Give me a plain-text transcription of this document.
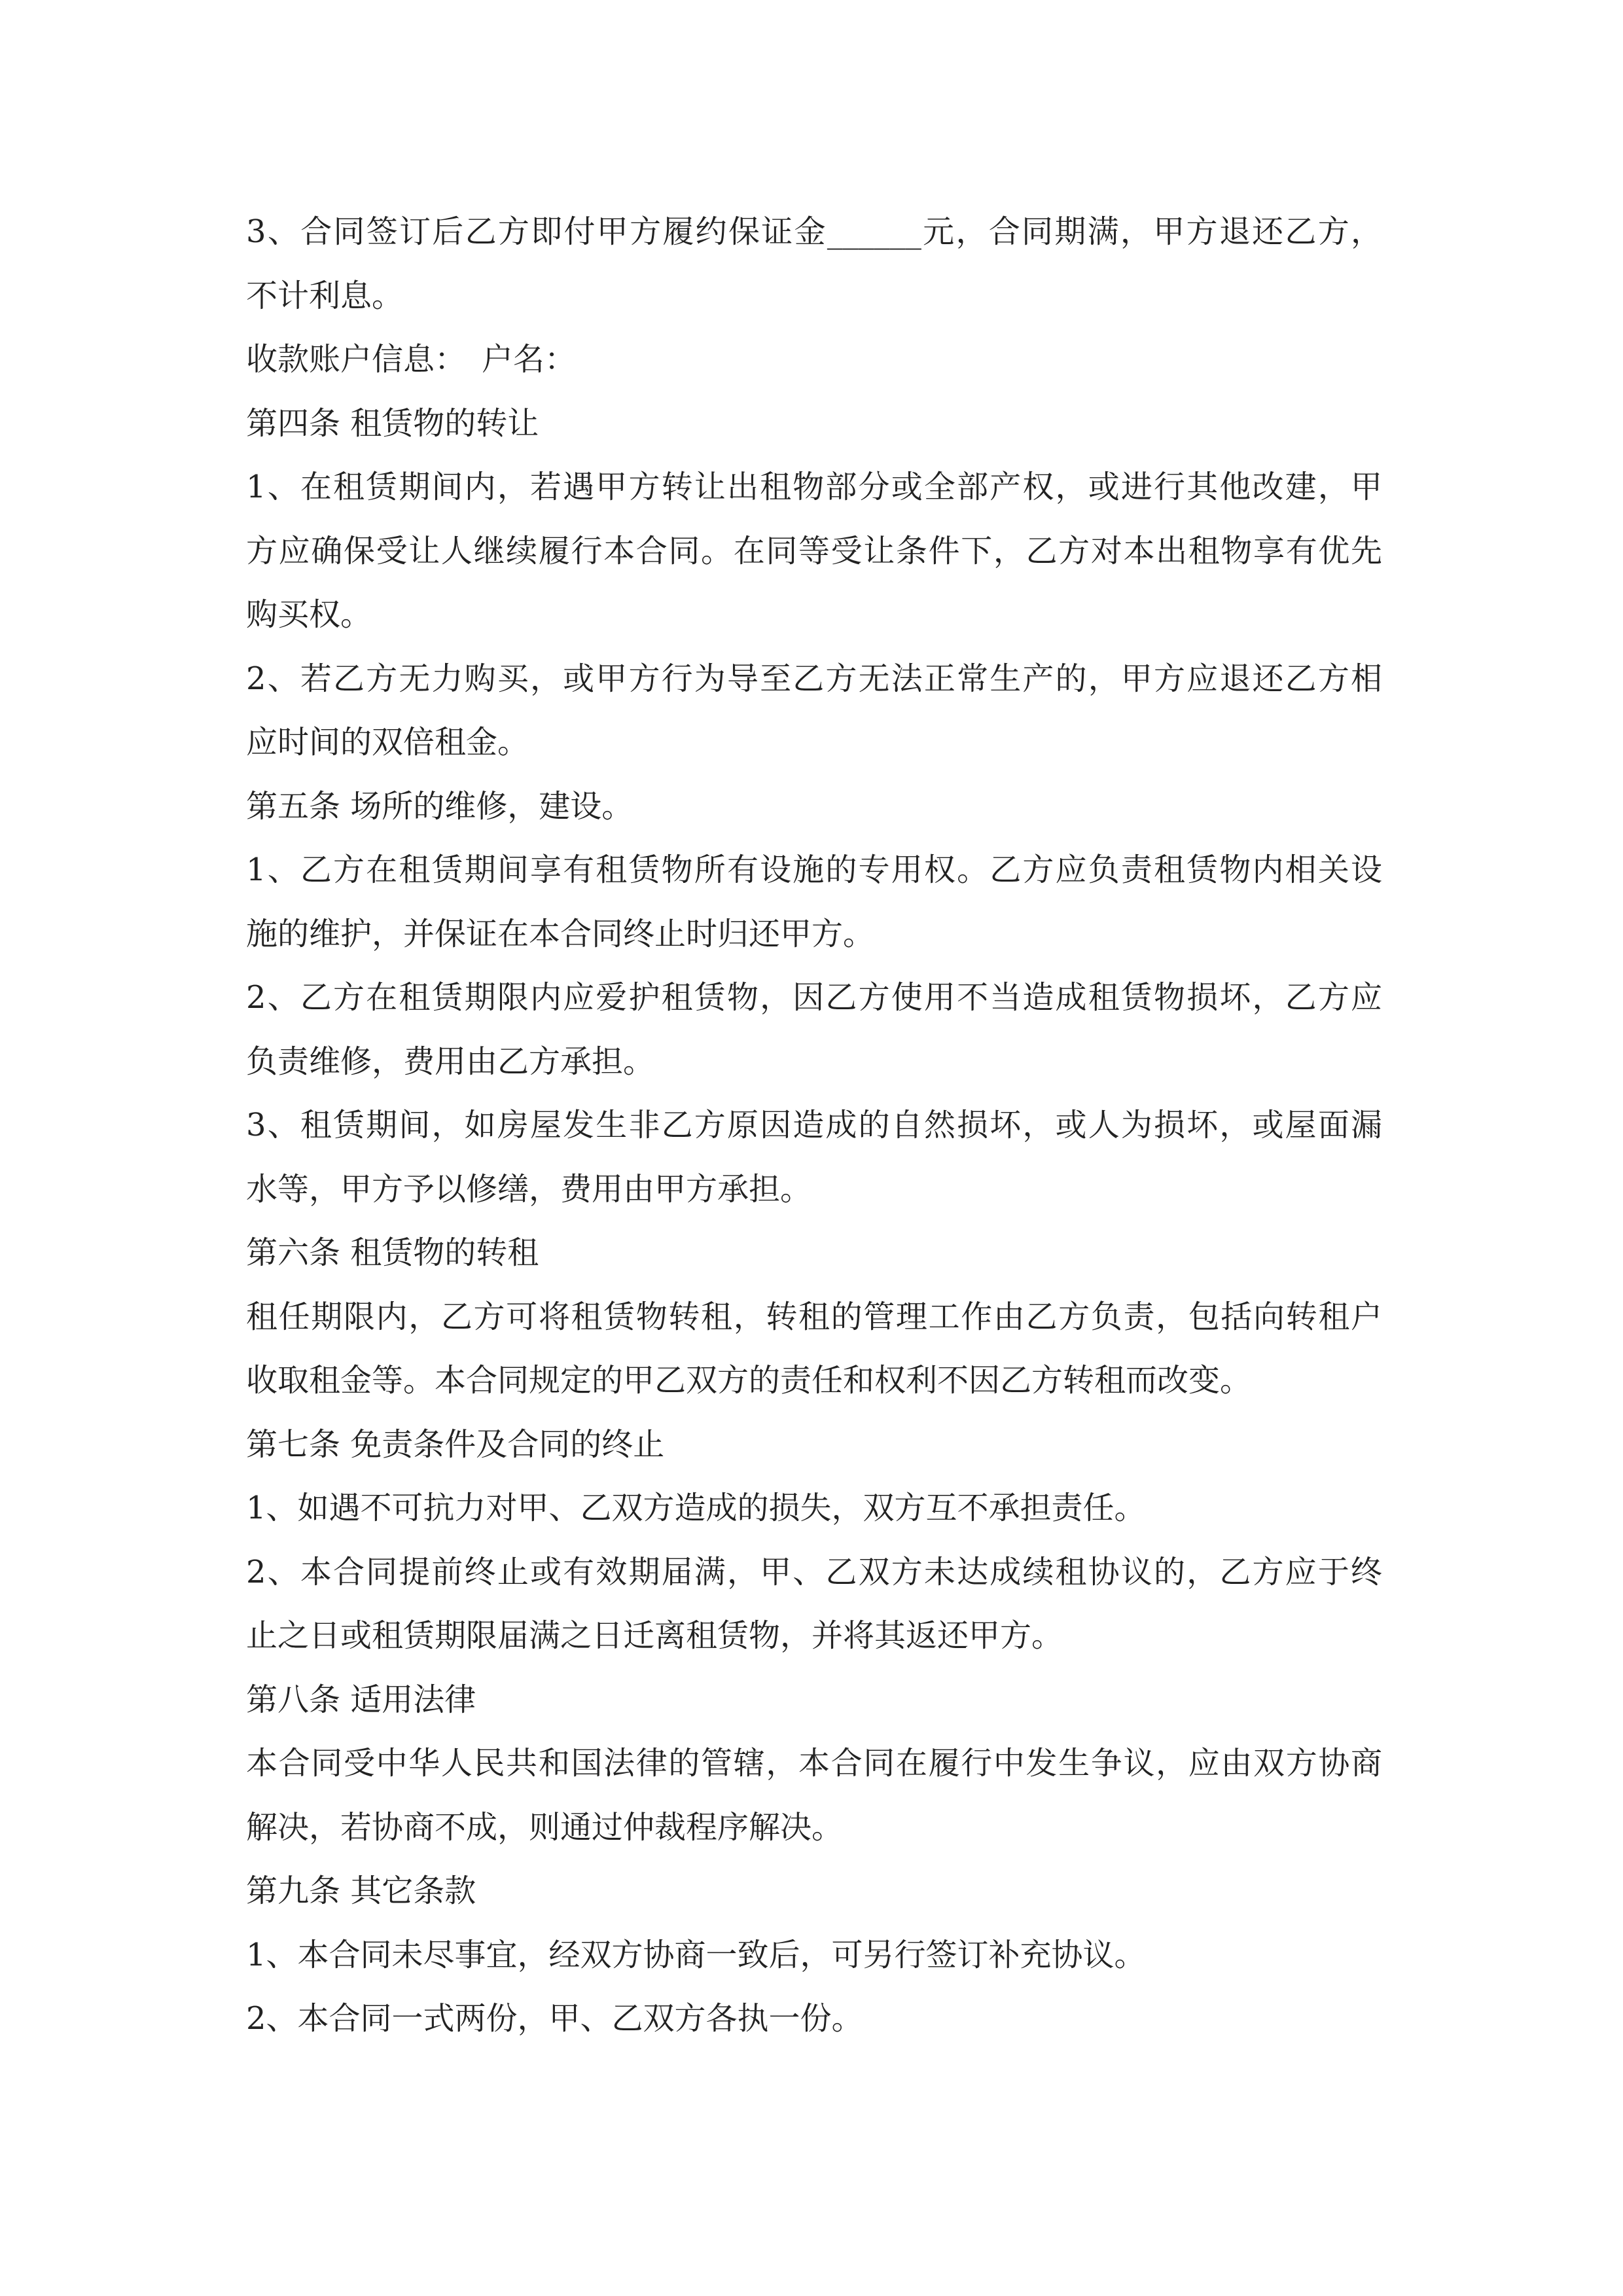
3、合同签订后乙方即付甲方履约保证金______元，合同期满，甲方退还乙方，
不计利息。
收款账户信息：　户名：
第四条 租赁物的转让
1、在租赁期间内，若遇甲方转让出租物部分或全部产权，或进行其他改建，甲
方应确保受让人继续履行本合同。在同等受让条件下，乙方对本出租物享有优先
购买权。
2、若乙方无力购买，或甲方行为导至乙方无法正常生产的，甲方应退还乙方相
应时间的双倍租金。
第五条 场所的维修，建设。
1、乙方在租赁期间享有租赁物所有设施的专用权。乙方应负责租赁物内相关设
施的维护，并保证在本合同终止时归还甲方。
2、乙方在租赁期限内应爱护租赁物，因乙方使用不当造成租赁物损坏，乙方应
负责维修，费用由乙方承担。
3、租赁期间，如房屋发生非乙方原因造成的自然损坏，或人为损坏，或屋面漏
水等，甲方予以修缮，费用由甲方承担。
第六条 租赁物的转租
租任期限内，乙方可将租赁物转租，转租的管理工作由乙方负责，包括向转租户
收取租金等。本合同规定的甲乙双方的责任和权利不因乙方转租而改变。
第七条 免责条件及合同的终止
1、如遇不可抗力对甲、乙双方造成的损失，双方互不承担责任。
2、本合同提前终止或有效期届满，甲、乙双方未达成续租协议的，乙方应于终
止之日或租赁期限届满之日迁离租赁物，并将其返还甲方。
第八条 适用法律
本合同受中华人民共和国法律的管辖，本合同在履行中发生争议，应由双方协商
解决，若协商不成，则通过仲裁程序解决。
第九条 其它条款
1、本合同未尽事宜，经双方协商一致后，可另行签订补充协议。
2、本合同一式两份，甲、乙双方各执一份。
